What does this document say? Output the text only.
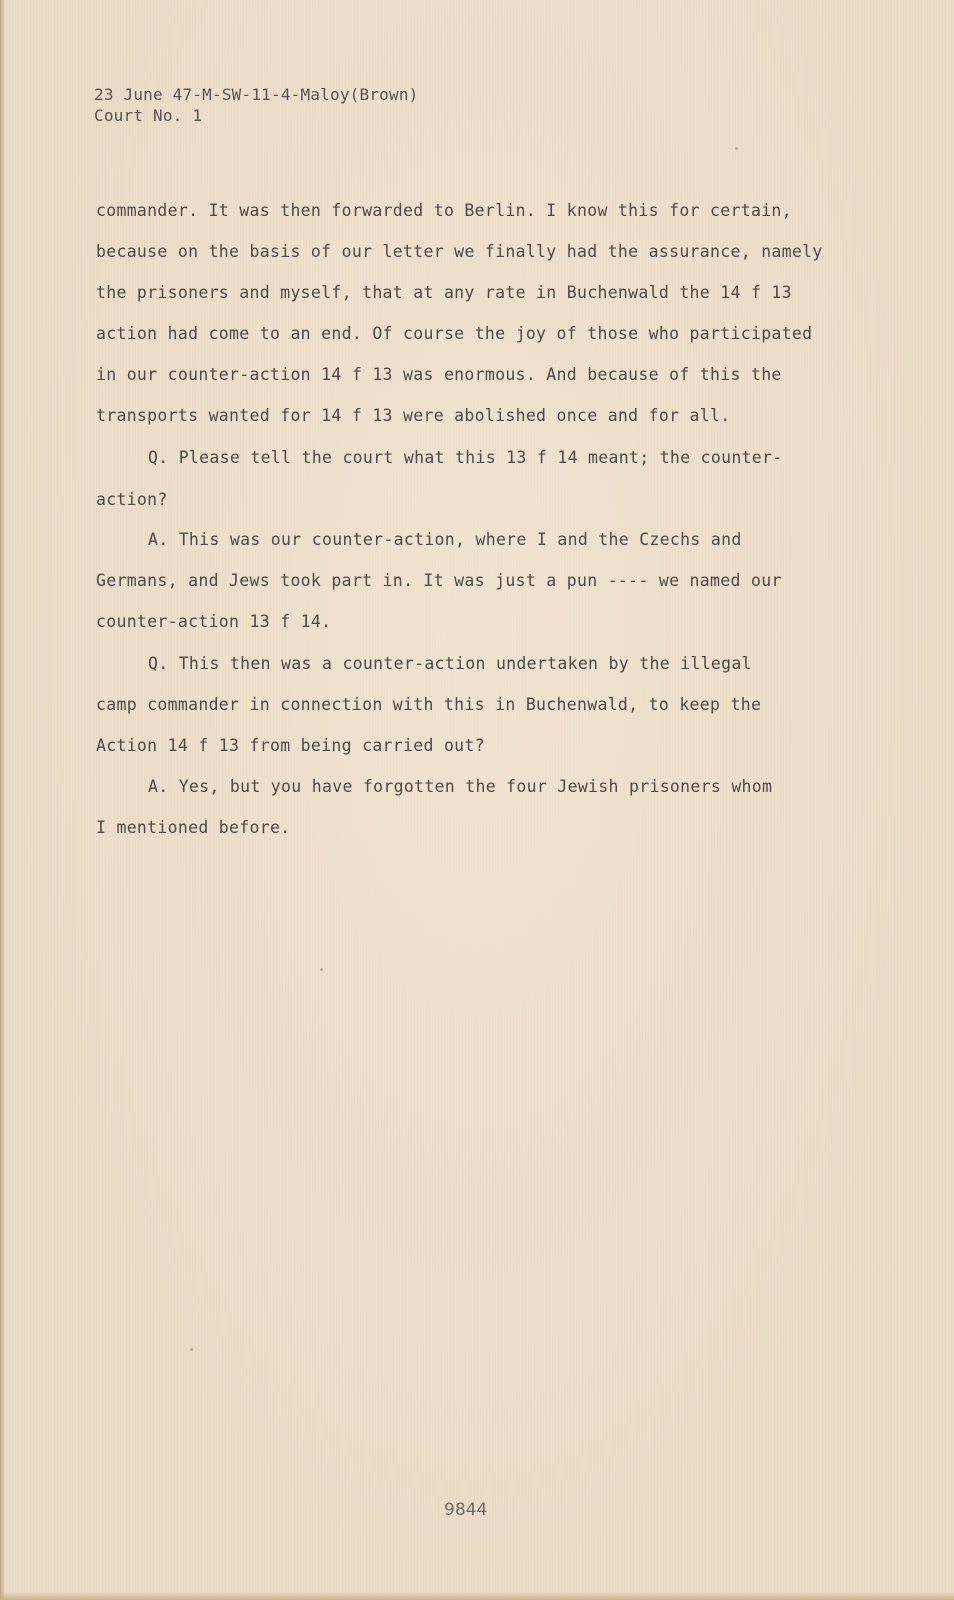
23 June 47-M-SW-11-4-Maloy(Brown)
Court No. 1
commander. It was then forwarded to Berlin. I know this for certain,
because on the basis of our letter we finally had the assurance, namely
the prisoners and myself, that at any rate in Buchenwald the 14 f 13
action had come to an end. Of course the joy of those who participated
in our counter-action 14 f 13 was enormous. And because of this the
transports wanted for 14 f 13 were abolished once and for all.
Q. Please tell the court what this 13 f 14 meant; the counter-
action?
A. This was our counter-action, where I and the Czechs and
Germans, and Jews took part in. It was just a pun ---- we named our
counter-action 13 f 14.
Q. This then was a counter-action undertaken by the illegal
camp commander in connection with this in Buchenwald, to keep the
Action 14 f 13 from being carried out?
A. Yes, but you have forgotten the four Jewish prisoners whom
I mentioned before.
9844
